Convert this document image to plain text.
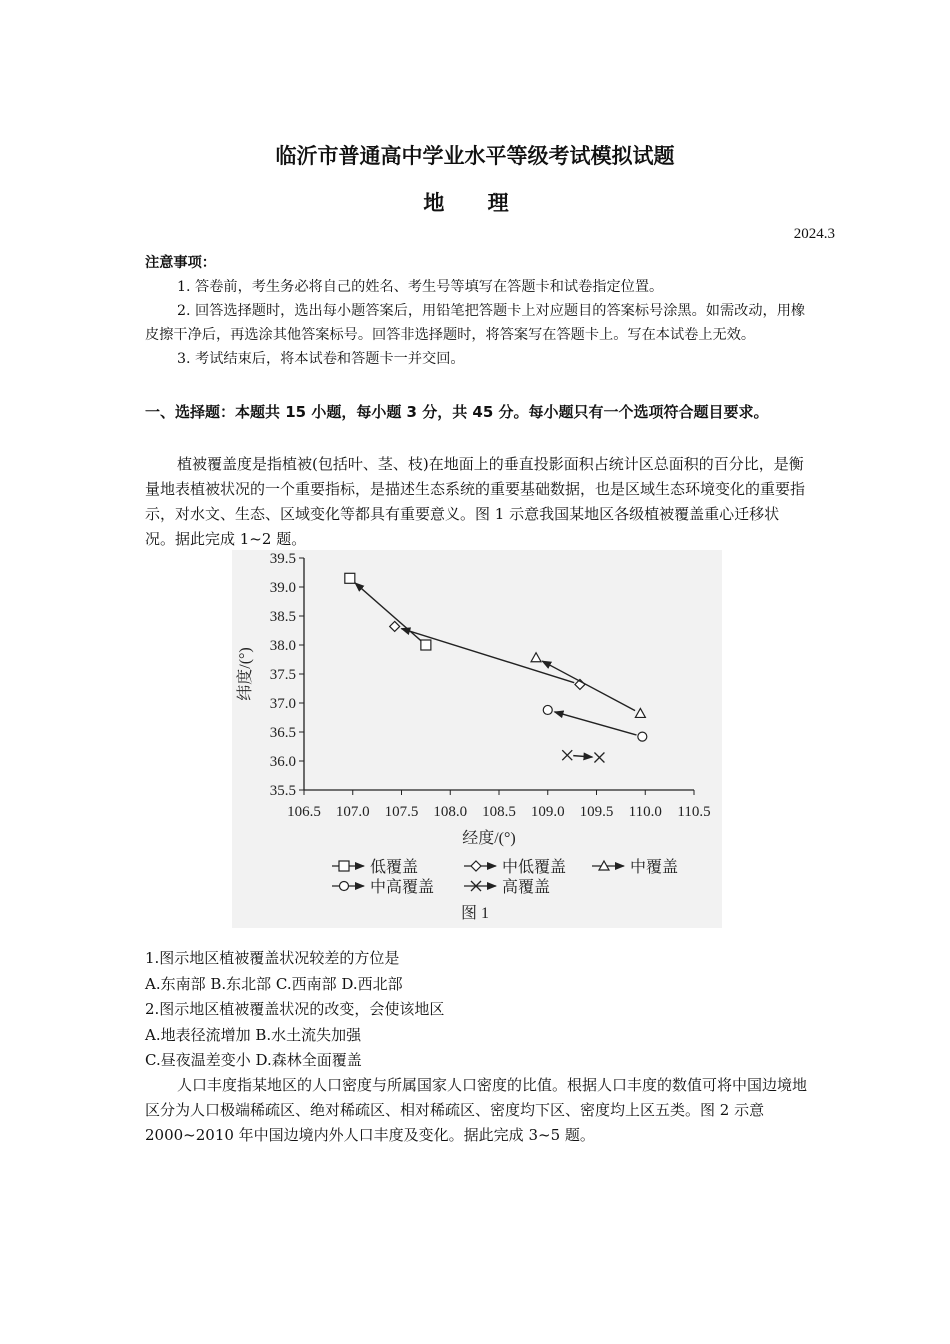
临沂市普通高中学业水平等级考试模拟试题
地 理
2024.3

注意事项：

1. 答卷前，考生务必将自己的姓名、考生号等填写在答题卡和试卷指定位置。

2. 回答选择题时，选出每小题答案后，用铅笔把答题卡上对应题目的答案标号涂黑。如需改动，用橡皮擦干净后，再选涂其他答案标号。回答非选择题时，将答案写在答题卡上。写在本试卷上无效。

3. 考试结束后，将本试卷和答题卡一并交回。

一、选择题：本题共 15 小题，每小题 3 分，共 45 分。每小题只有一个选项符合题目要求。
植被覆盖度是指植被(包括叶、茎、枝)在地面上的垂直投影面积占统计区总面积的百分比，是衡量地表植被状况的一个重要指标，是描述生态系统的重要基础数据，也是区域生态环境变化的重要指示，对水文、生态、区域变化等都具有重要意义。图 1 示意我国某地区各级植被覆盖重心迁移状况。据此完成 1~2 题。
106.5 107.0 107.5 108.0 108.5 109.0 109.5 110.0 110.5
35.5
36.0
36.5
37.0
37.5
38.0
38.5
39.0
39.5
经度/(°)
纬度/(°)
低覆盖	中低覆盖	中覆盖
中高覆盖	高覆盖
图 1

1.图示地区植被覆盖状况较差的方位是

A.东南部 B.东北部 C.西南部 D.西北部

2.图示地区植被覆盖状况的改变，会使该地区

A.地表径流增加 B.水土流失加强

C.昼夜温差变小 D.森林全面覆盖

人口丰度指某地区的人口密度与所属国家人口密度的比值。根据人口丰度的数值可将中国边境地区分为人口极端稀疏区、绝对稀疏区、相对稀疏区、密度均下区、密度均上区五类。图 2 示意 2000~2010 年中国边境内外人口丰度及变化。据此完成 3~5 题。
